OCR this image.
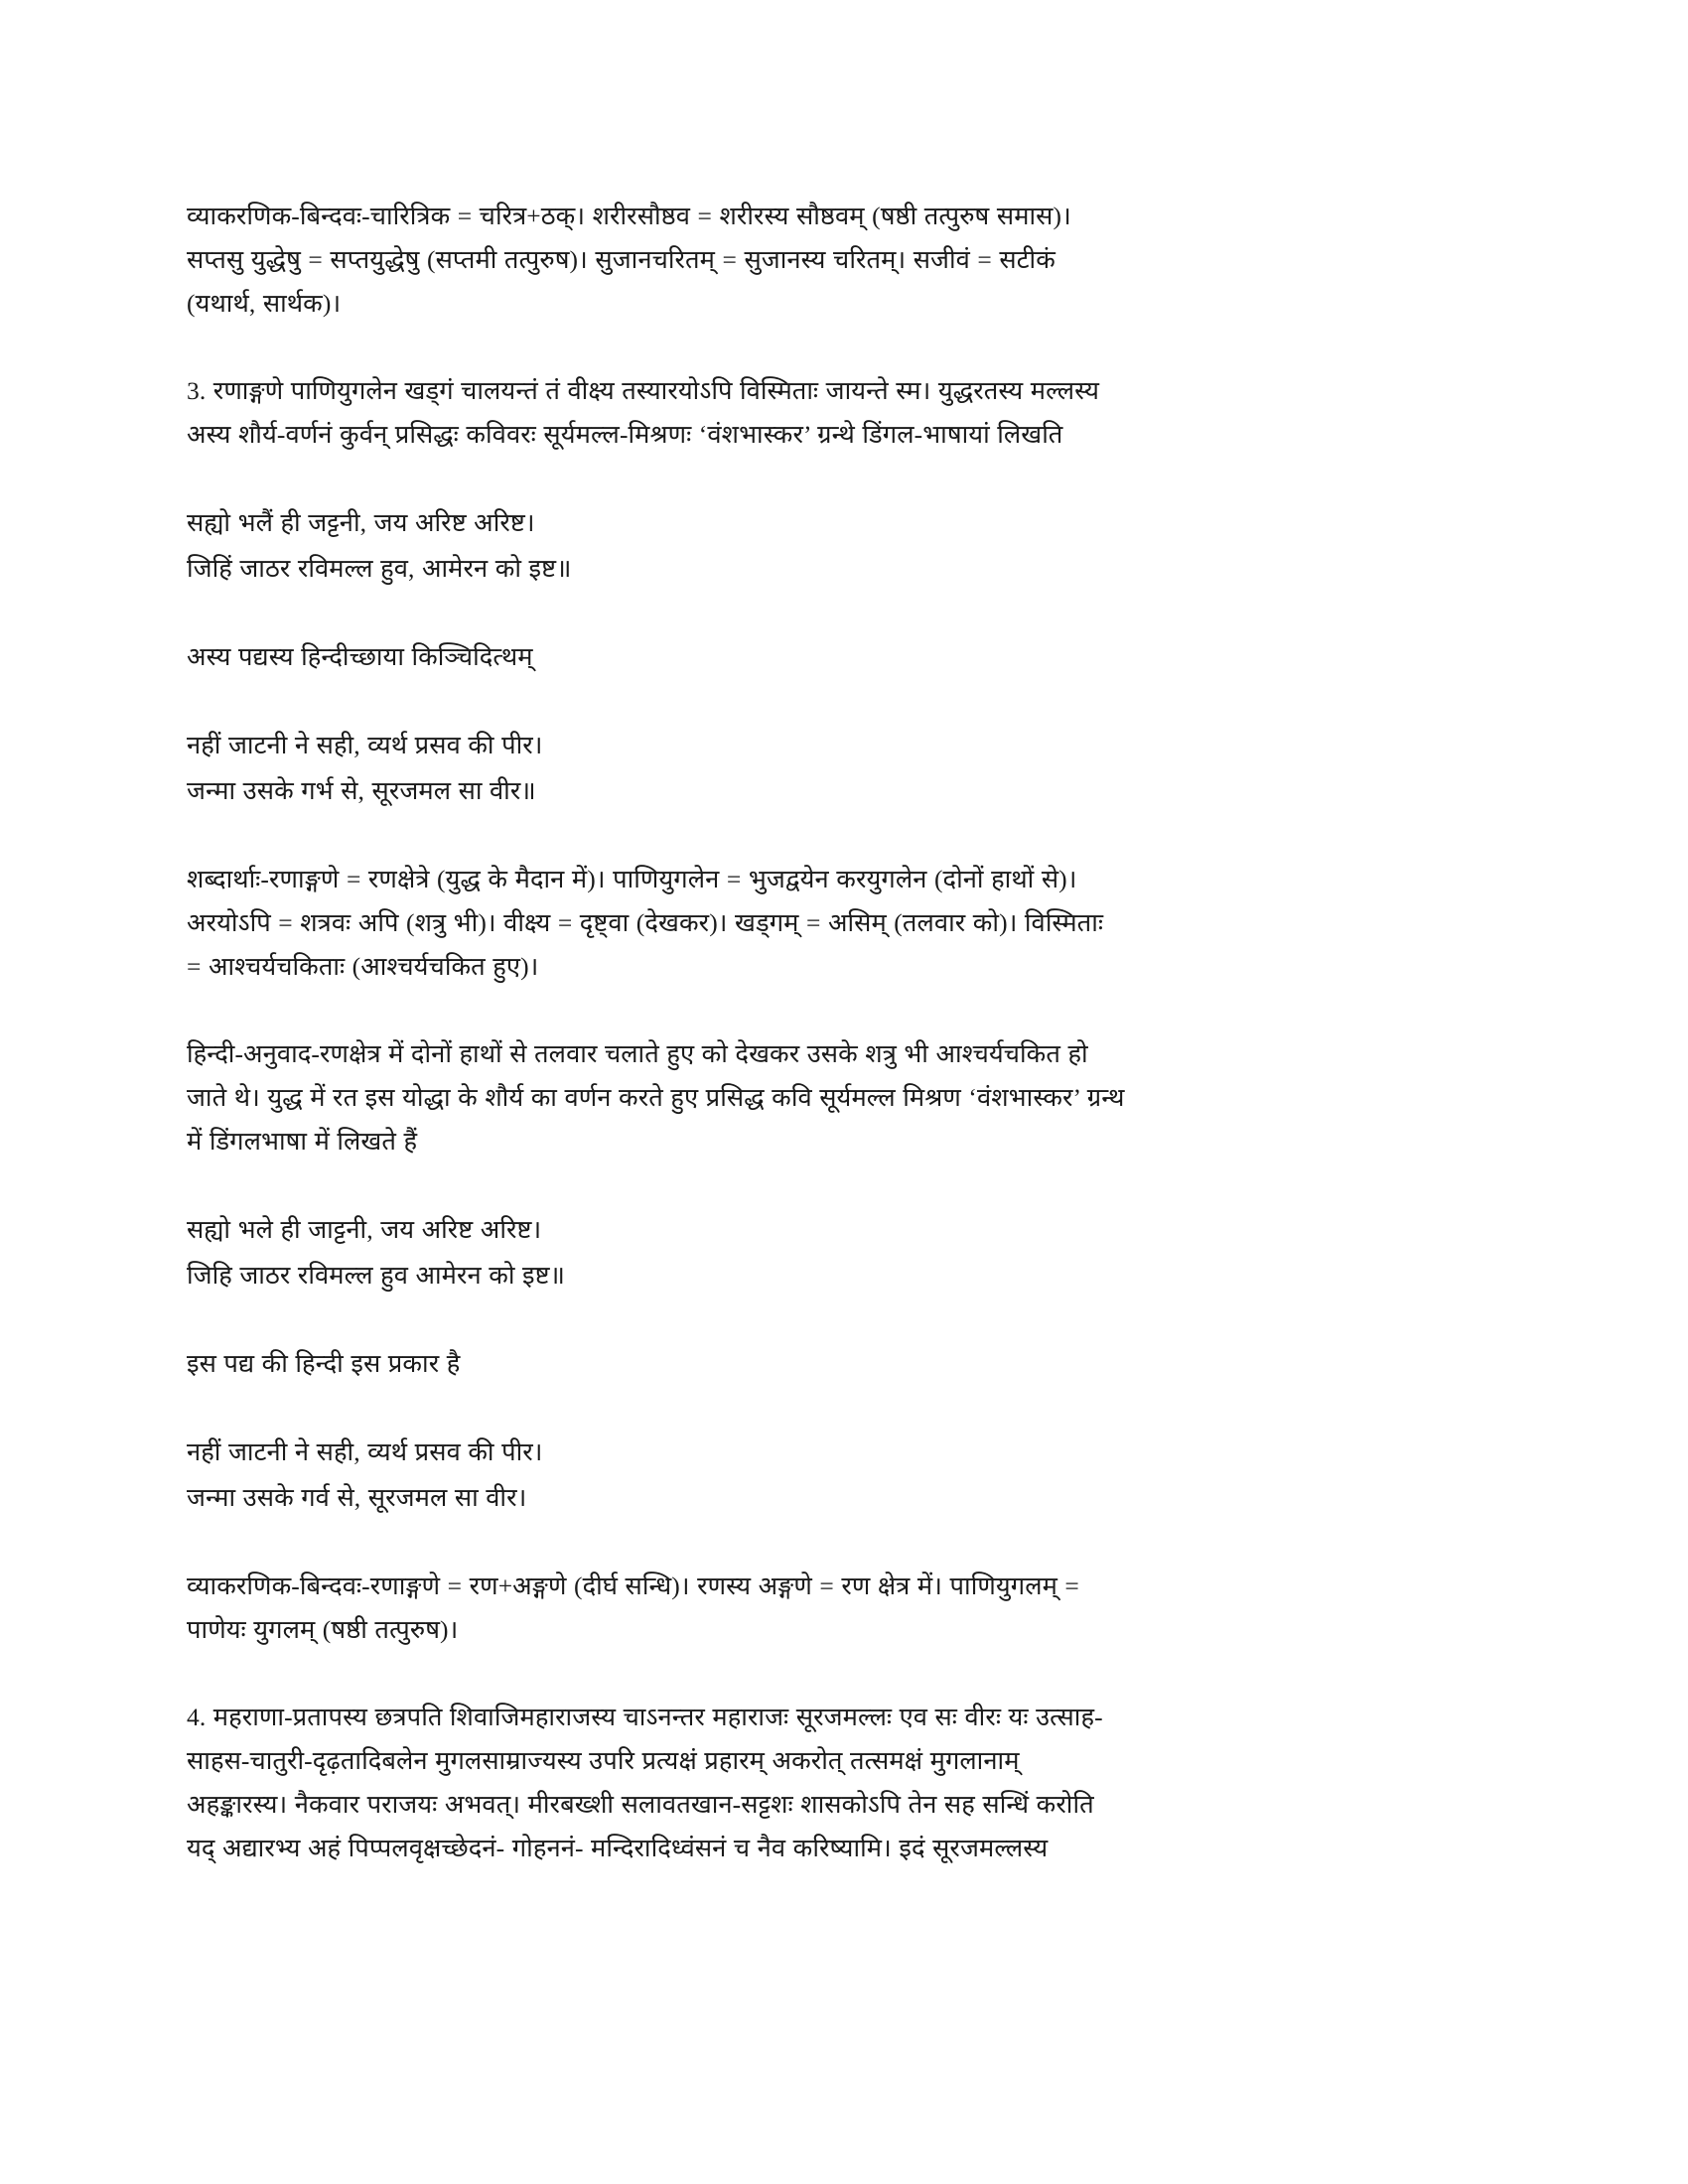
व्याकरणिक-बिन्दवः-चारित्रिक = चरित्र+ठक्। शरीरसौष्ठव = शरीरस्य सौष्ठवम् (षष्ठी तत्पुरुष समास)।
सप्तसु युद्धेषु = सप्तयुद्धेषु (सप्तमी तत्पुरुष)। सुजानचरितम् = सुजानस्य चरितम्। सजीवं = सटीकं
(यथार्थ, सार्थक)।

3. रणाङ्गणे पाणियुगलेन खड्गं चालयन्तं तं वीक्ष्य तस्यारयोऽपि विस्मिताः जायन्ते स्म। युद्धरतस्य मल्लस्य
अस्य शौर्य-वर्णनं कुर्वन् प्रसिद्धः कविवरः सूर्यमल्ल-मिश्रणः ‘वंशभास्कर’ ग्रन्थे डिंगल-भाषायां लिखति

सह्यो भलैं ही जट्टनी, जय अरिष्ट अरिष्ट।
जिहिं जाठर रविमल्ल हुव, आमेरन को इष्ट॥

अस्य पद्यस्य हिन्दीच्छाया किञ्चिदित्थम्

नहीं जाटनी ने सही, व्यर्थ प्रसव की पीर।
जन्मा उसके गर्भ से, सूरजमल सा वीर॥

शब्दार्थाः-रणाङ्गणे = रणक्षेत्रे (युद्ध के मैदान में)। पाणियुगलेन = भुजद्वयेन करयुगलेन (दोनों हाथों से)।
अरयोऽपि = शत्रवः अपि (शत्रु भी)। वीक्ष्य = दृष्ट्वा (देखकर)। खड्गम् = असिम् (तलवार को)। विस्मिताः
= आश्चर्यचकिताः (आश्चर्यचकित हुए)।

हिन्दी-अनुवाद-रणक्षेत्र में दोनों हाथों से तलवार चलाते हुए को देखकर उसके शत्रु भी आश्चर्यचकित हो
जाते थे। युद्ध में रत इस योद्धा के शौर्य का वर्णन करते हुए प्रसिद्ध कवि सूर्यमल्ल मिश्रण ‘वंशभास्कर’ ग्रन्थ
में डिंगलभाषा में लिखते हैं

सह्यो भले ही जाट्टनी, जय अरिष्ट अरिष्ट।
जिहि जाठर रविमल्ल हुव आमेरन को इष्ट॥

इस पद्य की हिन्दी इस प्रकार है

नहीं जाटनी ने सही, व्यर्थ प्रसव की पीर।
जन्मा उसके गर्व से, सूरजमल सा वीर।

व्याकरणिक-बिन्दवः-रणाङ्गणे = रण+अङ्गणे (दीर्घ सन्धि)। रणस्य अङ्गणे = रण क्षेत्र में। पाणियुगलम् =
पाणेयः युगलम् (षष्ठी तत्पुरुष)।

4. महराणा-प्रतापस्य छत्रपति शिवाजिमहाराजस्य चाऽनन्तर महाराजः सूरजमल्लः एव सः वीरः यः उत्साह-
साहस-चातुरी-दृढ़तादिबलेन मुगलसाम्राज्यस्य उपरि प्रत्यक्षं प्रहारम् अकरोत् तत्समक्षं मुगलानाम्
अहङ्कारस्य। नैकवार पराजयः अभवत्। मीरबख्शी सलावतखान-सट्टशः शासकोऽपि तेन सह सन्धिं करोति
यद् अद्यारभ्य अहं पिप्पलवृक्षच्छेदनं- गोहननं- मन्दिरादिध्वंसनं च नैव करिष्यामि। इदं सूरजमल्लस्य
